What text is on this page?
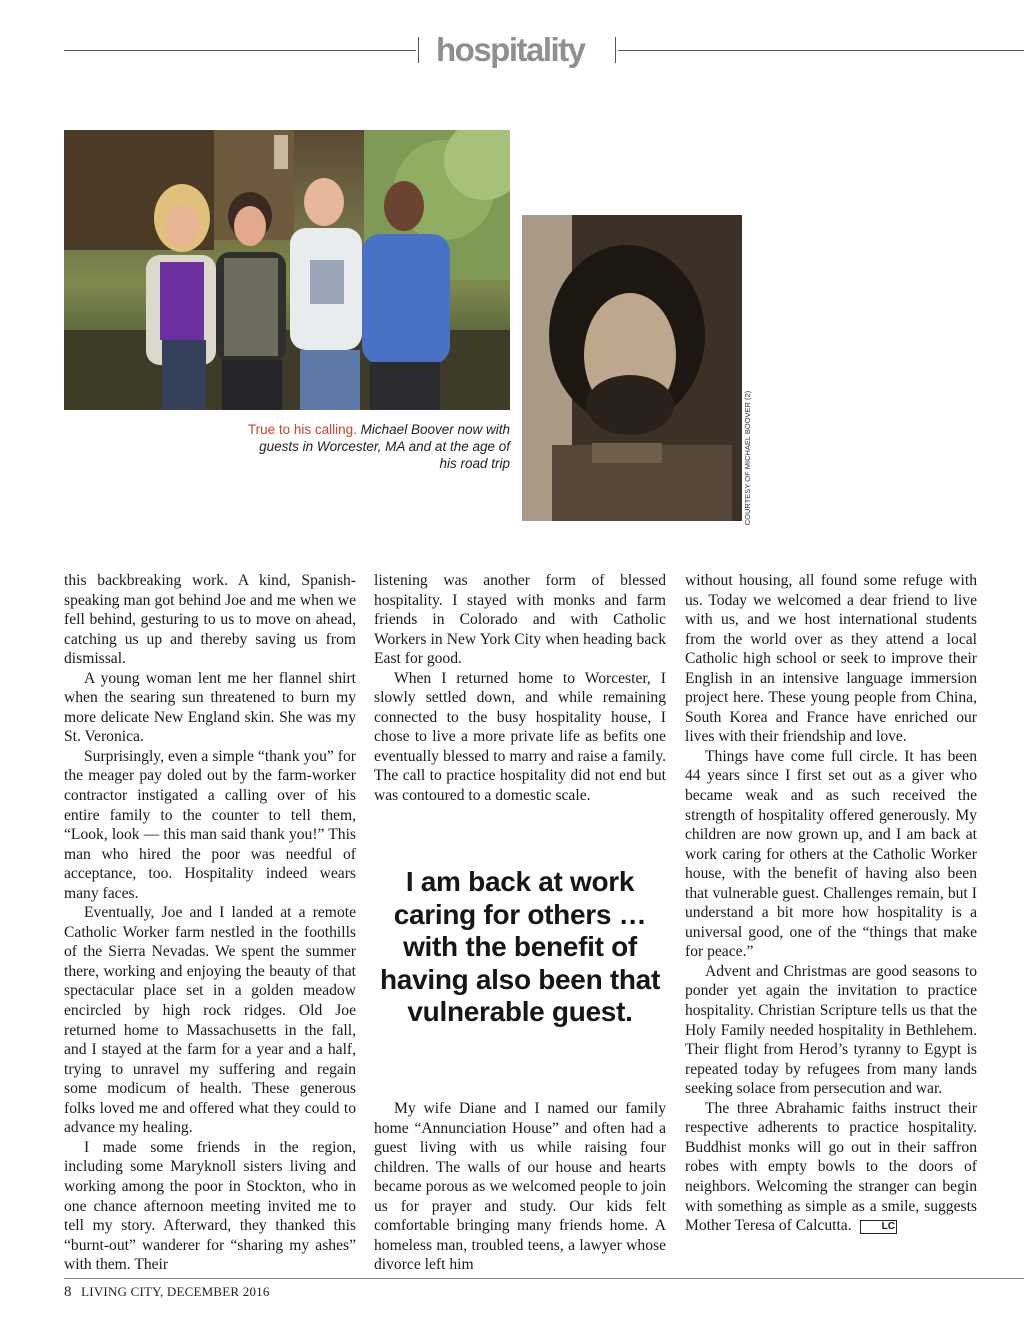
hospitality
True to his calling. Michael Boover now with guests in Worcester, MA and at the age of his road trip	COURTESY OF MICHAEL BOOVER (2)

this backbreaking work. A kind, Spanish-speaking man got behind Joe and me when we fell behind, gesturing to us to move on ahead, catching us up and thereby saving us from dismissal.

A young woman lent me her flannel shirt when the searing sun threatened to burn my more delicate New England skin. She was my St. Veronica.

Surprisingly, even a simple “thank you” for the meager pay doled out by the farm-worker contractor instigated a calling over of his entire family to the counter to tell them, “Look, look — this man said thank you!” This man who hired the poor was needful of acceptance, too. Hospitality indeed wears many faces.

Eventually, Joe and I landed at a remote Catholic Worker farm nestled in the foothills of the Sierra Nevadas. We spent the summer there, working and enjoying the beauty of that spectacular place set in a golden meadow encircled by high rock ridges. Old Joe returned home to Massachusetts in the fall, and I stayed at the farm for a year and a half, trying to unravel my suffering and regain some modicum of health. These generous folks loved me and offered what they could to advance my healing.

I made some friends in the region, including some Maryknoll sisters living and working among the poor in Stockton, who in one chance afternoon meeting invited me to tell my story. Afterward, they thanked this “burnt-out” wanderer for “sharing my ashes” with them. Their

listening was another form of blessed hospitality. I stayed with monks and farm friends in Colorado and with Catholic Workers in New York City when heading back East for good.

When I returned home to Worcester, I slowly settled down, and while remaining connected to the busy hospitality house, I chose to live a more private life as befits one eventually blessed to marry and raise a family. The call to practice hospitality did not end but was contoured to a domestic scale.

I am back at work caring for others … with the benefit of having also been that vulnerable guest.

My wife Diane and I named our family home “Annunciation House” and often had a guest living with us while raising four children. The walls of our house and hearts became porous as we welcomed people to join us for prayer and study. Our kids felt comfortable bringing many friends home. A homeless man, troubled teens, a lawyer whose divorce left him

without housing, all found some refuge with us. Today we welcomed a dear friend to live with us, and we host international students from the world over as they attend a local Catholic high school or seek to improve their English in an intensive language immersion project here. These young people from China, South Korea and France have enriched our lives with their friendship and love.

Things have come full circle. It has been 44 years since I first set out as a giver who became weak and as such received the strength of hospitality offered generously. My children are now grown up, and I am back at work caring for others at the Catholic Worker house, with the benefit of having also been that vulnerable guest. Challenges remain, but I understand a bit more how hospitality is a universal good, one of the “things that make for peace.”

Advent and Christmas are good seasons to ponder yet again the invitation to practice hospitality. Christian Scripture tells us that the Holy Family needed hospitality in Bethlehem. Their flight from Herod’s tyranny to Egypt is repeated today by refugees from many lands seeking solace from persecution and war.

The three Abrahamic faiths instruct their respective adherents to practice hospitality. Buddhist monks will go out in their saffron robes with empty bowls to the doors of neighbors. Welcoming the stranger can begin with something as simple as a smile, suggests Mother Teresa of Calcutta.	LC

8 LIVING CITY, DECEMBER 2016
